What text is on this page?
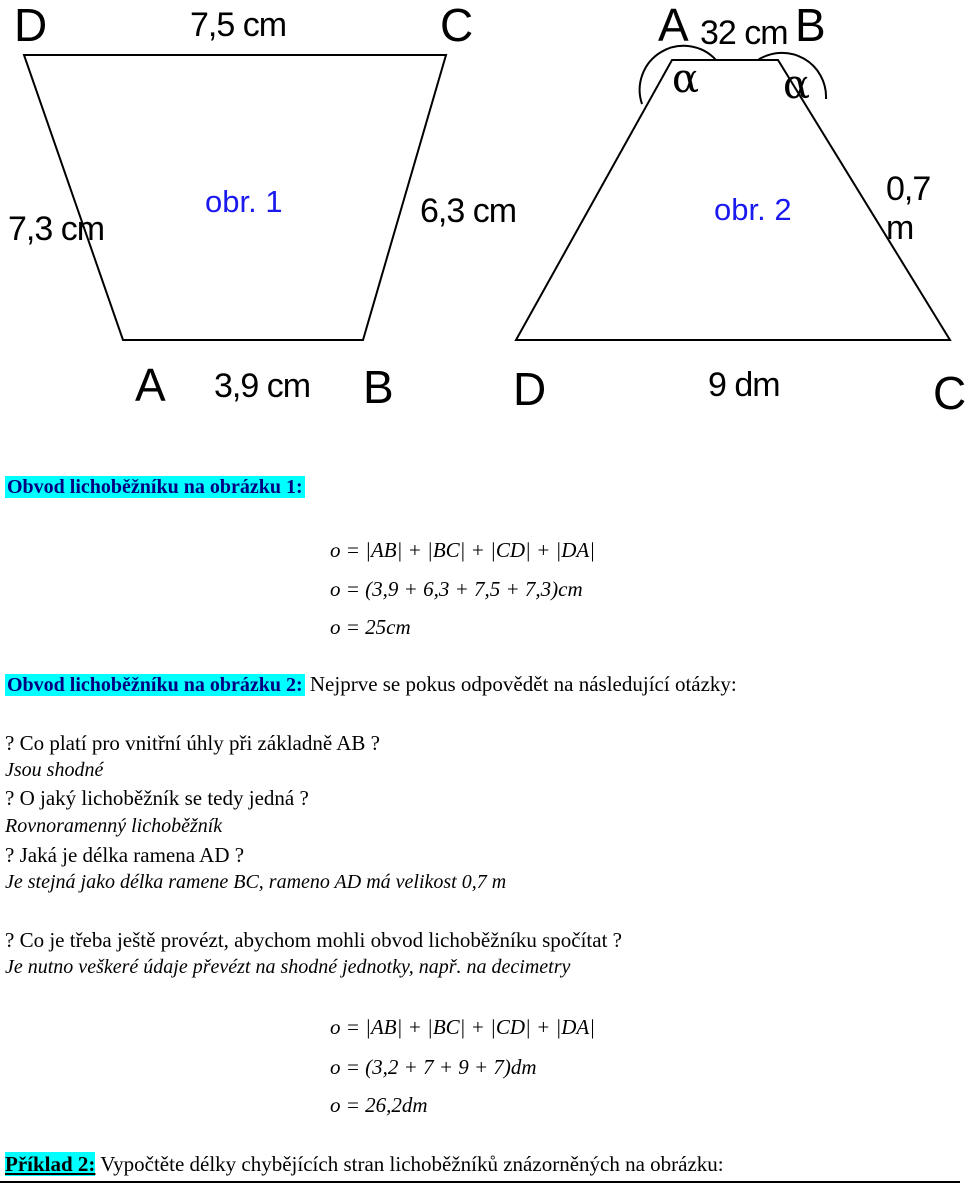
D	7,5 cm	C
7,3 cm
obr. 1	6,3 cm
A 3,9 cm B
A 32 cm B
α α
0,7 m
obr. 2
D	9 dm	C
Obvod lichoběžníku na obrázku 1:
o = |AB| + |BC| + |CD| + |DA|
o = (3,9 + 6,3 + 7,5 + 7,3)cm
o = 25cm
Obvod lichoběžníku na obrázku 2: Nejprve se pokus odpovědět na následující otázky:
? Co platí pro vnitřní úhly při základně AB ?
Jsou shodné
? O jaký lichoběžník se tedy jedná ?
Rovnoramenný lichoběžník
? Jaká je délka ramena AD ?
Je stejná jako délka ramene BC, rameno AD má velikost 0,7 m
? Co je třeba ještě provézt, abychom mohli obvod lichoběžníku spočítat ?
Je nutno veškeré údaje převézt na shodné jednotky, např. na decimetry
o = |AB| + |BC| + |CD| + |DA|
o = (3,2 + 7 + 9 + 7)dm
o = 26,2dm
Příklad 2: Vypočtěte délky chybějících stran lichoběžníků znázorněných na obrázku:
